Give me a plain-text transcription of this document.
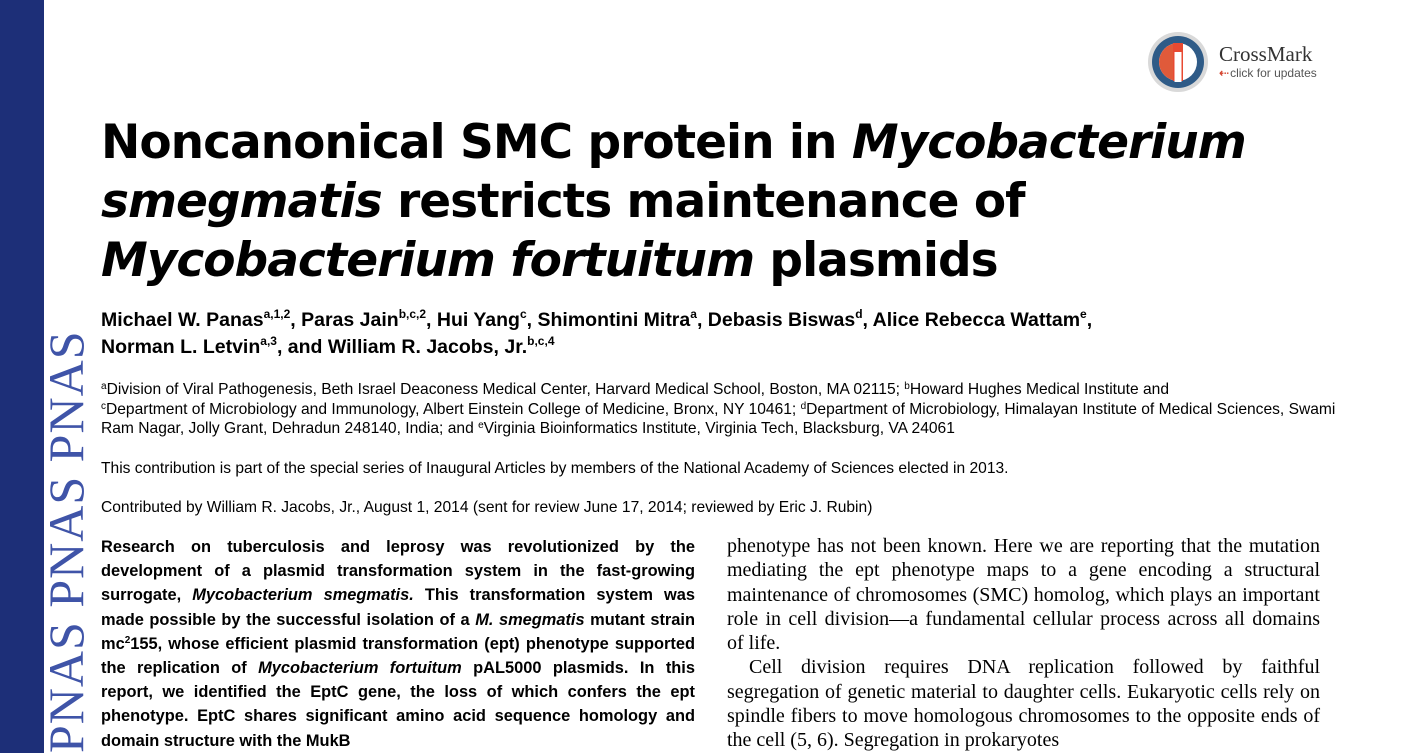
PNAS PNAS PNAS
CrossMark
⇠click for updates
Noncanonical SMC protein in Mycobacterium smegmatis restricts maintenance of Mycobacterium fortuitum plasmids
Michael W. Panas$^{a,1,2}$, Paras Jain$^{b,c,2}$, Hui Yang$^c$, Shimontini Mitra$^a$, Debasis Biswas$^d$, Alice Rebecca Wattam$^e$,
Norman L. Letvin$^{a,3}$, and William R. Jacobs, Jr.$^{b,c,4}$
$^a$Division of Viral Pathogenesis, Beth Israel Deaconess Medical Center, Harvard Medical School, Boston, MA 02115; $^b$Howard Hughes Medical Institute and
$^c$Department of Microbiology and Immunology, Albert Einstein College of Medicine, Bronx, NY 10461; $^d$Department of Microbiology, Himalayan Institute of Medical Sciences, Swami Ram Nagar, Jolly Grant, Dehradun 248140, India; and $^e$Virginia Bioinformatics Institute, Virginia Tech, Blacksburg, VA 24061

This contribution is part of the special series of Inaugural Articles by members of the National Academy of Sciences elected in 2013.

Contributed by William R. Jacobs, Jr., August 1, 2014 (sent for review June 17, 2014; reviewed by Eric J. Rubin)

Research on tuberculosis and leprosy was revolutionized by the development of a plasmid transformation system in the fast-growing surrogate, Mycobacterium smegmatis. This transformation system was made possible by the successful isolation of a M. smegmatis mutant strain $mc^2155$, whose efficient plasmid transformation (ept) phenotype supported the replication of Mycobacterium fortuitum pAL5000 plasmids. In this report, we identified the EptC gene, the loss of which confers the ept phenotype. EptC shares significant amino acid sequence homology and domain structure with the MukB

phenotype has not been known. Here we are reporting that the mutation mediating the ept phenotype maps to a gene encoding a structural maintenance of chromosomes (SMC) homolog, which plays an important role in cell division—a fundamental cellular process across all domains of life.

Cell division requires DNA replication followed by faithful segregation of genetic material to daughter cells. Eukaryotic cells rely on spindle fibers to move homologous chromosomes to the opposite ends of the cell (5, 6). Segregation in prokaryotes
